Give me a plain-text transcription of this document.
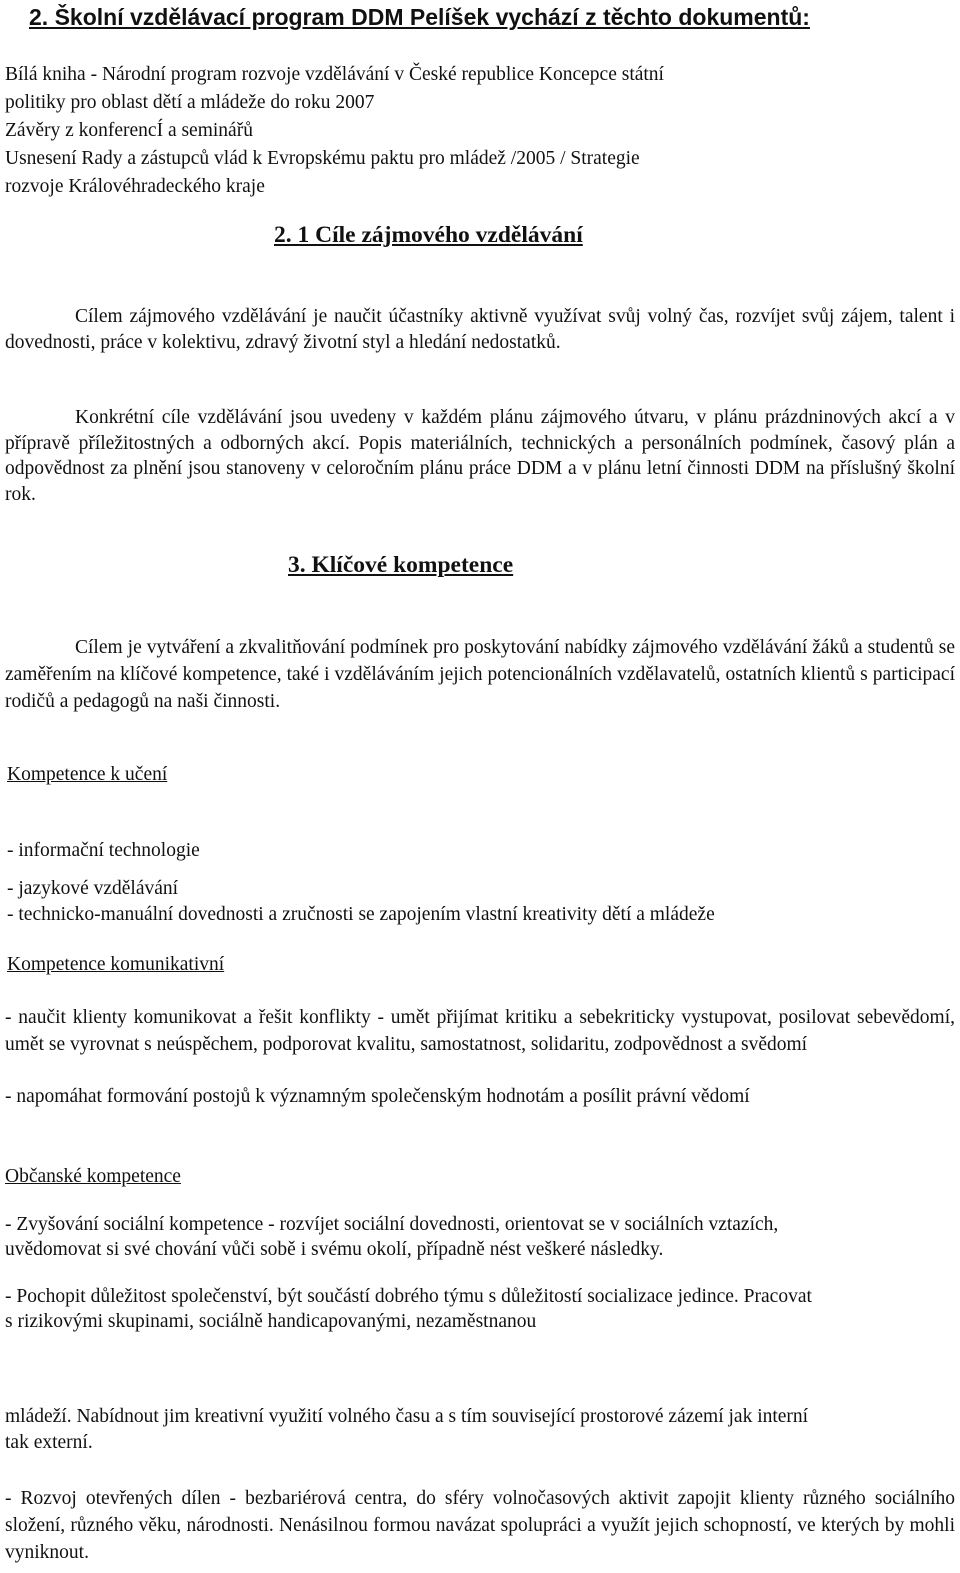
2. Školní vzdělávací program DDM Pelíšek vychází z těchto dokumentů:
Bílá kniha - Národní program rozvoje vzdělávání v České republice Koncepce státní
politiky pro oblast dětí a mládeže do roku 2007
Závěry z konferencÍ a seminářů
Usnesení Rady a zástupců vlád k Evropskému paktu pro mládež /2005 / Strategie
rozvoje Královéhradeckého kraje
2. 1 Cíle zájmového vzdělávání
Cílem zájmového vzdělávání je naučit účastníky aktivně využívat svůj volný čas, rozvíjet svůj zájem, talent i dovednosti, práce v kolektivu, zdravý životní styl a hledání nedostatků.
Konkrétní cíle vzdělávání jsou uvedeny v každém plánu zájmového útvaru, v plánu prázdninových akcí a v přípravě příležitostných a odborných akcí. Popis materiálních, technických a personálních podmínek, časový plán a odpovědnost za plnění jsou stanoveny v celoročním plánu práce DDM a v plánu letní činnosti DDM na příslušný školní rok.
3. Klíčové kompetence
Cílem je vytváření a zkvalitňování podmínek pro poskytování nabídky zájmového vzdělávání žáků a studentů se zaměřením na klíčové kompetence, také i vzděláváním jejich potencionálních vzdělavatelů, ostatních klientů s participací rodičů a pedagogů na naši činnosti.
Kompetence k učení
- informační technologie
- jazykové vzdělávání
- technicko-manuální dovednosti a zručnosti se zapojením vlastní kreativity dětí a mládeže
Kompetence komunikativní
- naučit klienty komunikovat a řešit konflikty - umět přijímat kritiku a sebekriticky vystupovat, posilovat sebevědomí, umět se vyrovnat s neúspěchem, podporovat kvalitu, samostatnost, solidaritu, zodpovědnost a svědomí
- napomáhat formování postojů k významným společenským hodnotám a posílit právní vědomí
Občanské kompetence
- Zvyšování sociální kompetence - rozvíjet sociální dovednosti, orientovat se v sociálních vztazích,
uvědomovat si své chování vůči sobě i svému okolí, případně nést veškeré následky.
- Pochopit důležitost společenství, být součástí dobrého týmu s důležitostí socializace jedince. Pracovat
s rizikovými skupinami, sociálně handicapovanými, nezaměstnanou
mládeží. Nabídnout jim kreativní využití volného času a s tím související prostorové zázemí jak interní
tak externí.
- Rozvoj otevřených dílen - bezbariérová centra, do sféry volnočasových aktivit zapojit klienty různého sociálního složení, různého věku, národnosti. Nenásilnou formou navázat spolupráci a využít jejich schopností, ve kterých by mohli vyniknout.
